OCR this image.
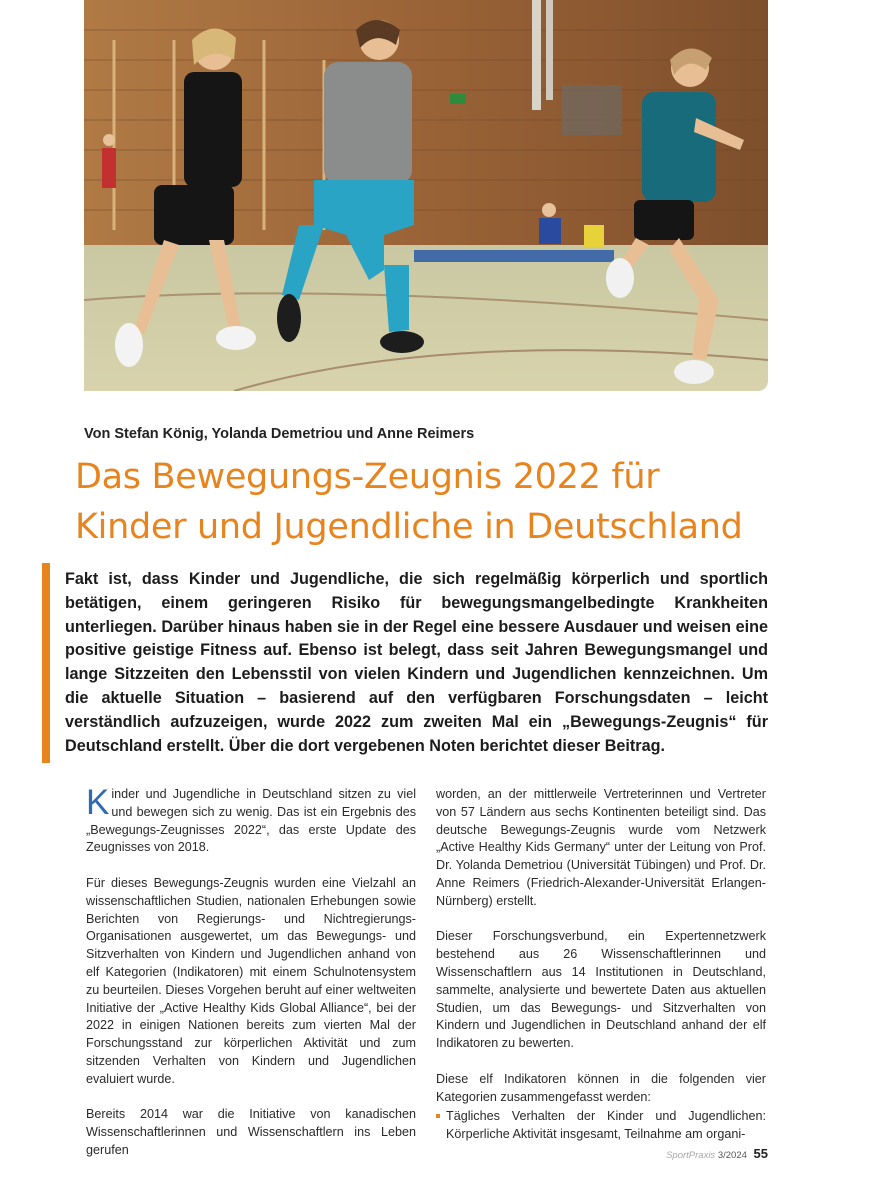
Von Stefan König, Yolanda Demetriou und Anne Reimers
Das Bewegungs-Zeugnis 2022 für
Kinder und Jugendliche in Deutschland

Fakt ist, dass Kinder und Jugendliche, die sich regelmäßig körperlich und sportlich betätigen, einem geringeren Risiko für bewegungsmangelbedingte Krankheiten unterliegen. Darüber hinaus haben sie in der Regel eine bessere Ausdauer und weisen eine positive geistige Fitness auf. Ebenso ist belegt, dass seit Jahren Bewegungsmangel und lange Sitzzeiten den Lebensstil von vielen Kindern und Jugendlichen kennzeichnen. Um die aktuelle Situation – basierend auf den verfügbaren Forschungsdaten – leicht verständlich aufzuzeigen, wurde 2022 zum zweiten Mal ein „Bewegungs-Zeugnis“ für Deutschland erstellt. Über die dort vergebenen Noten berichtet dieser Beitrag.

Kinder und Jugendliche in Deutschland sitzen zu viel und bewegen sich zu wenig. Das ist ein Ergebnis des „Bewegungs-Zeugnisses 2022“, das erste Update des Zeugnisses von 2018.

Für dieses Bewegungs-Zeugnis wurden eine Vielzahl an wissenschaftlichen Studien, nationalen Erhebungen sowie Berichten von Regierungs- und Nichtregierungs-Organisationen ausgewertet, um das Bewegungs- und Sitzverhalten von Kindern und Jugendlichen anhand von elf Kategorien (Indikatoren) mit einem Schulnotensystem zu beurteilen. Dieses Vorgehen beruht auf einer weltweiten Initiative der „Active Healthy Kids Global Alliance“, bei der 2022 in einigen Nationen bereits zum vierten Mal der Forschungsstand zur körperlichen Aktivität und zum sitzenden Verhalten von Kindern und Jugendlichen evaluiert wurde.

Bereits 2014 war die Initiative von kanadischen Wissenschaftlerinnen und Wissenschaftlern ins Leben gerufen

worden, an der mittlerweile Vertreterinnen und Vertreter von 57 Ländern aus sechs Kontinenten beteiligt sind. Das deutsche Bewegungs-Zeugnis wurde vom Netzwerk „Active Healthy Kids Germany“ unter der Leitung von Prof. Dr. Yolanda Demetriou (Universität Tübingen) und Prof. Dr. Anne Reimers (Friedrich-Alexander-Universität Erlangen-Nürnberg) erstellt.

Dieser Forschungsverbund, ein Expertennetzwerk bestehend aus 26 Wissenschaftlerinnen und Wissenschaftlern aus 14 Institutionen in Deutschland, sammelte, analysierte und bewertete Daten aus aktuellen Studien, um das Bewegungs- und Sitzverhalten von Kindern und Jugendlichen in Deutschland anhand der elf Indikatoren zu bewerten.

Diese elf Indikatoren können in die folgenden vier Kategorien zusammengefasst werden:

Tägliches Verhalten der Kinder und Jugendlichen: Körperliche Aktivität insgesamt, Teilnahme am organi-
SportPraxis 3/2024 55
